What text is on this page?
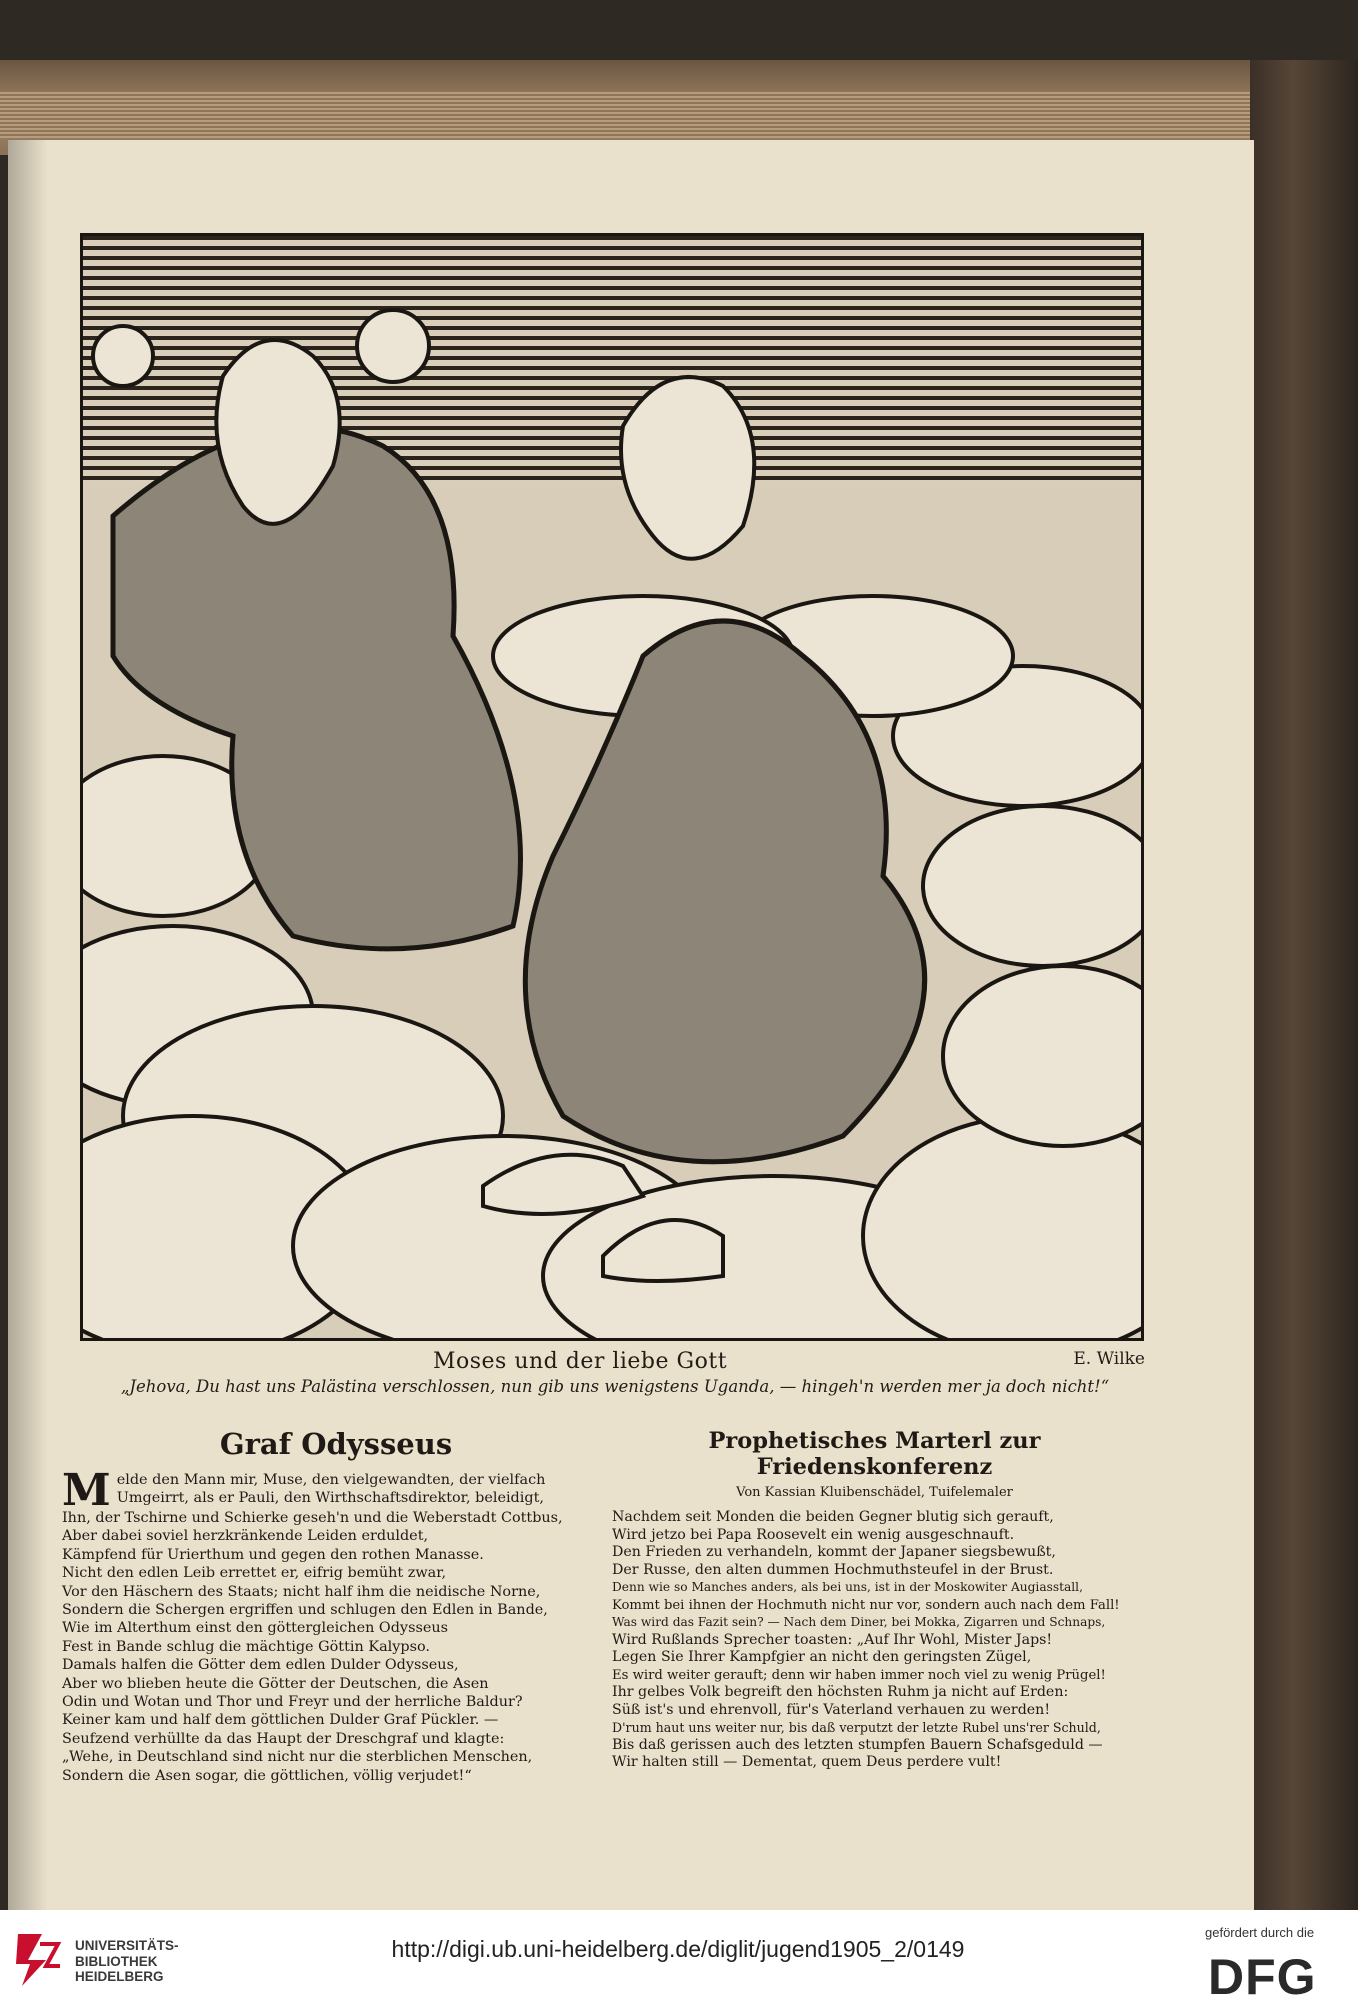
Moses und der liebe Gott	E. Wilke
„Jehova, Du hast uns Palästina verschlossen, nun gib uns wenigstens Uganda, — hingeh'n werden mer ja doch nicht!“
Graf Odysseus
Melde den Mann mir, Muse, den vielgewandten, der vielfach
Umgeirrt, als er Pauli, den Wirthschaftsdirektor, beleidigt,
Ihn, der Tschirne und Schierke geseh'n und die Weberstadt Cottbus,
Aber dabei soviel herzkränkende Leiden erduldet,
Kämpfend für Urierthum und gegen den rothen Manasse.
Nicht den edlen Leib errettet er, eifrig bemüht zwar,
Vor den Häschern des Staats; nicht half ihm die neidische Norne,
Sondern die Schergen ergriffen und schlugen den Edlen in Bande,
Wie im Alterthum einst den göttergleichen Odysseus
Fest in Bande schlug die mächtige Göttin Kalypso.
Damals halfen die Götter dem edlen Dulder Odysseus,
Aber wo blieben heute die Götter der Deutschen, die Asen
Odin und Wotan und Thor und Freyr und der herrliche Baldur?
Keiner kam und half dem göttlichen Dulder Graf Pückler. —
Seufzend verhüllte da das Haupt der Dreschgraf und klagte:
„Wehe, in Deutschland sind nicht nur die sterblichen Menschen,
Sondern die Asen sogar, die göttlichen, völlig verjudet!“
Prophetisches Marterl zur Friedenskonferenz
Von Kassian Kluibenschädel, Tuifelemaler
Nachdem seit Monden die beiden Gegner blutig sich gerauft,
Wird jetzo bei Papa Roosevelt ein wenig ausgeschnauft.
Den Frieden zu verhandeln, kommt der Japaner siegsbewußt,
Der Russe, den alten dummen Hochmuthsteufel in der Brust.
Denn wie so Manches anders, als bei uns, ist in der Moskowiter Augiasstall,
Kommt bei ihnen der Hochmuth nicht nur vor, sondern auch nach dem Fall!
Was wird das Fazit sein? — Nach dem Diner, bei Mokka, Zigarren und Schnaps,
Wird Rußlands Sprecher toasten: „Auf Ihr Wohl, Mister Japs!
Legen Sie Ihrer Kampfgier an nicht den geringsten Zügel,
Es wird weiter gerauft; denn wir haben immer noch viel zu wenig Prügel!
Ihr gelbes Volk begreift den höchsten Ruhm ja nicht auf Erden:
Süß ist's und ehrenvoll, für's Vaterland verhauen zu werden!
D'rum haut uns weiter nur, bis daß verputzt der letzte Rubel uns'rer Schuld,
Bis daß gerissen auch des letzten stumpfen Bauern Schafsgeduld —
Wir halten still — Dementat, quem Deus perdere vult!
UNIVERSITÄTS-
BIBLIOTHEK
HEIDELBERG
http://digi.ub.uni-heidelberg.de/diglit/jugend1905_2/0149
gefördert durch die
DFG
